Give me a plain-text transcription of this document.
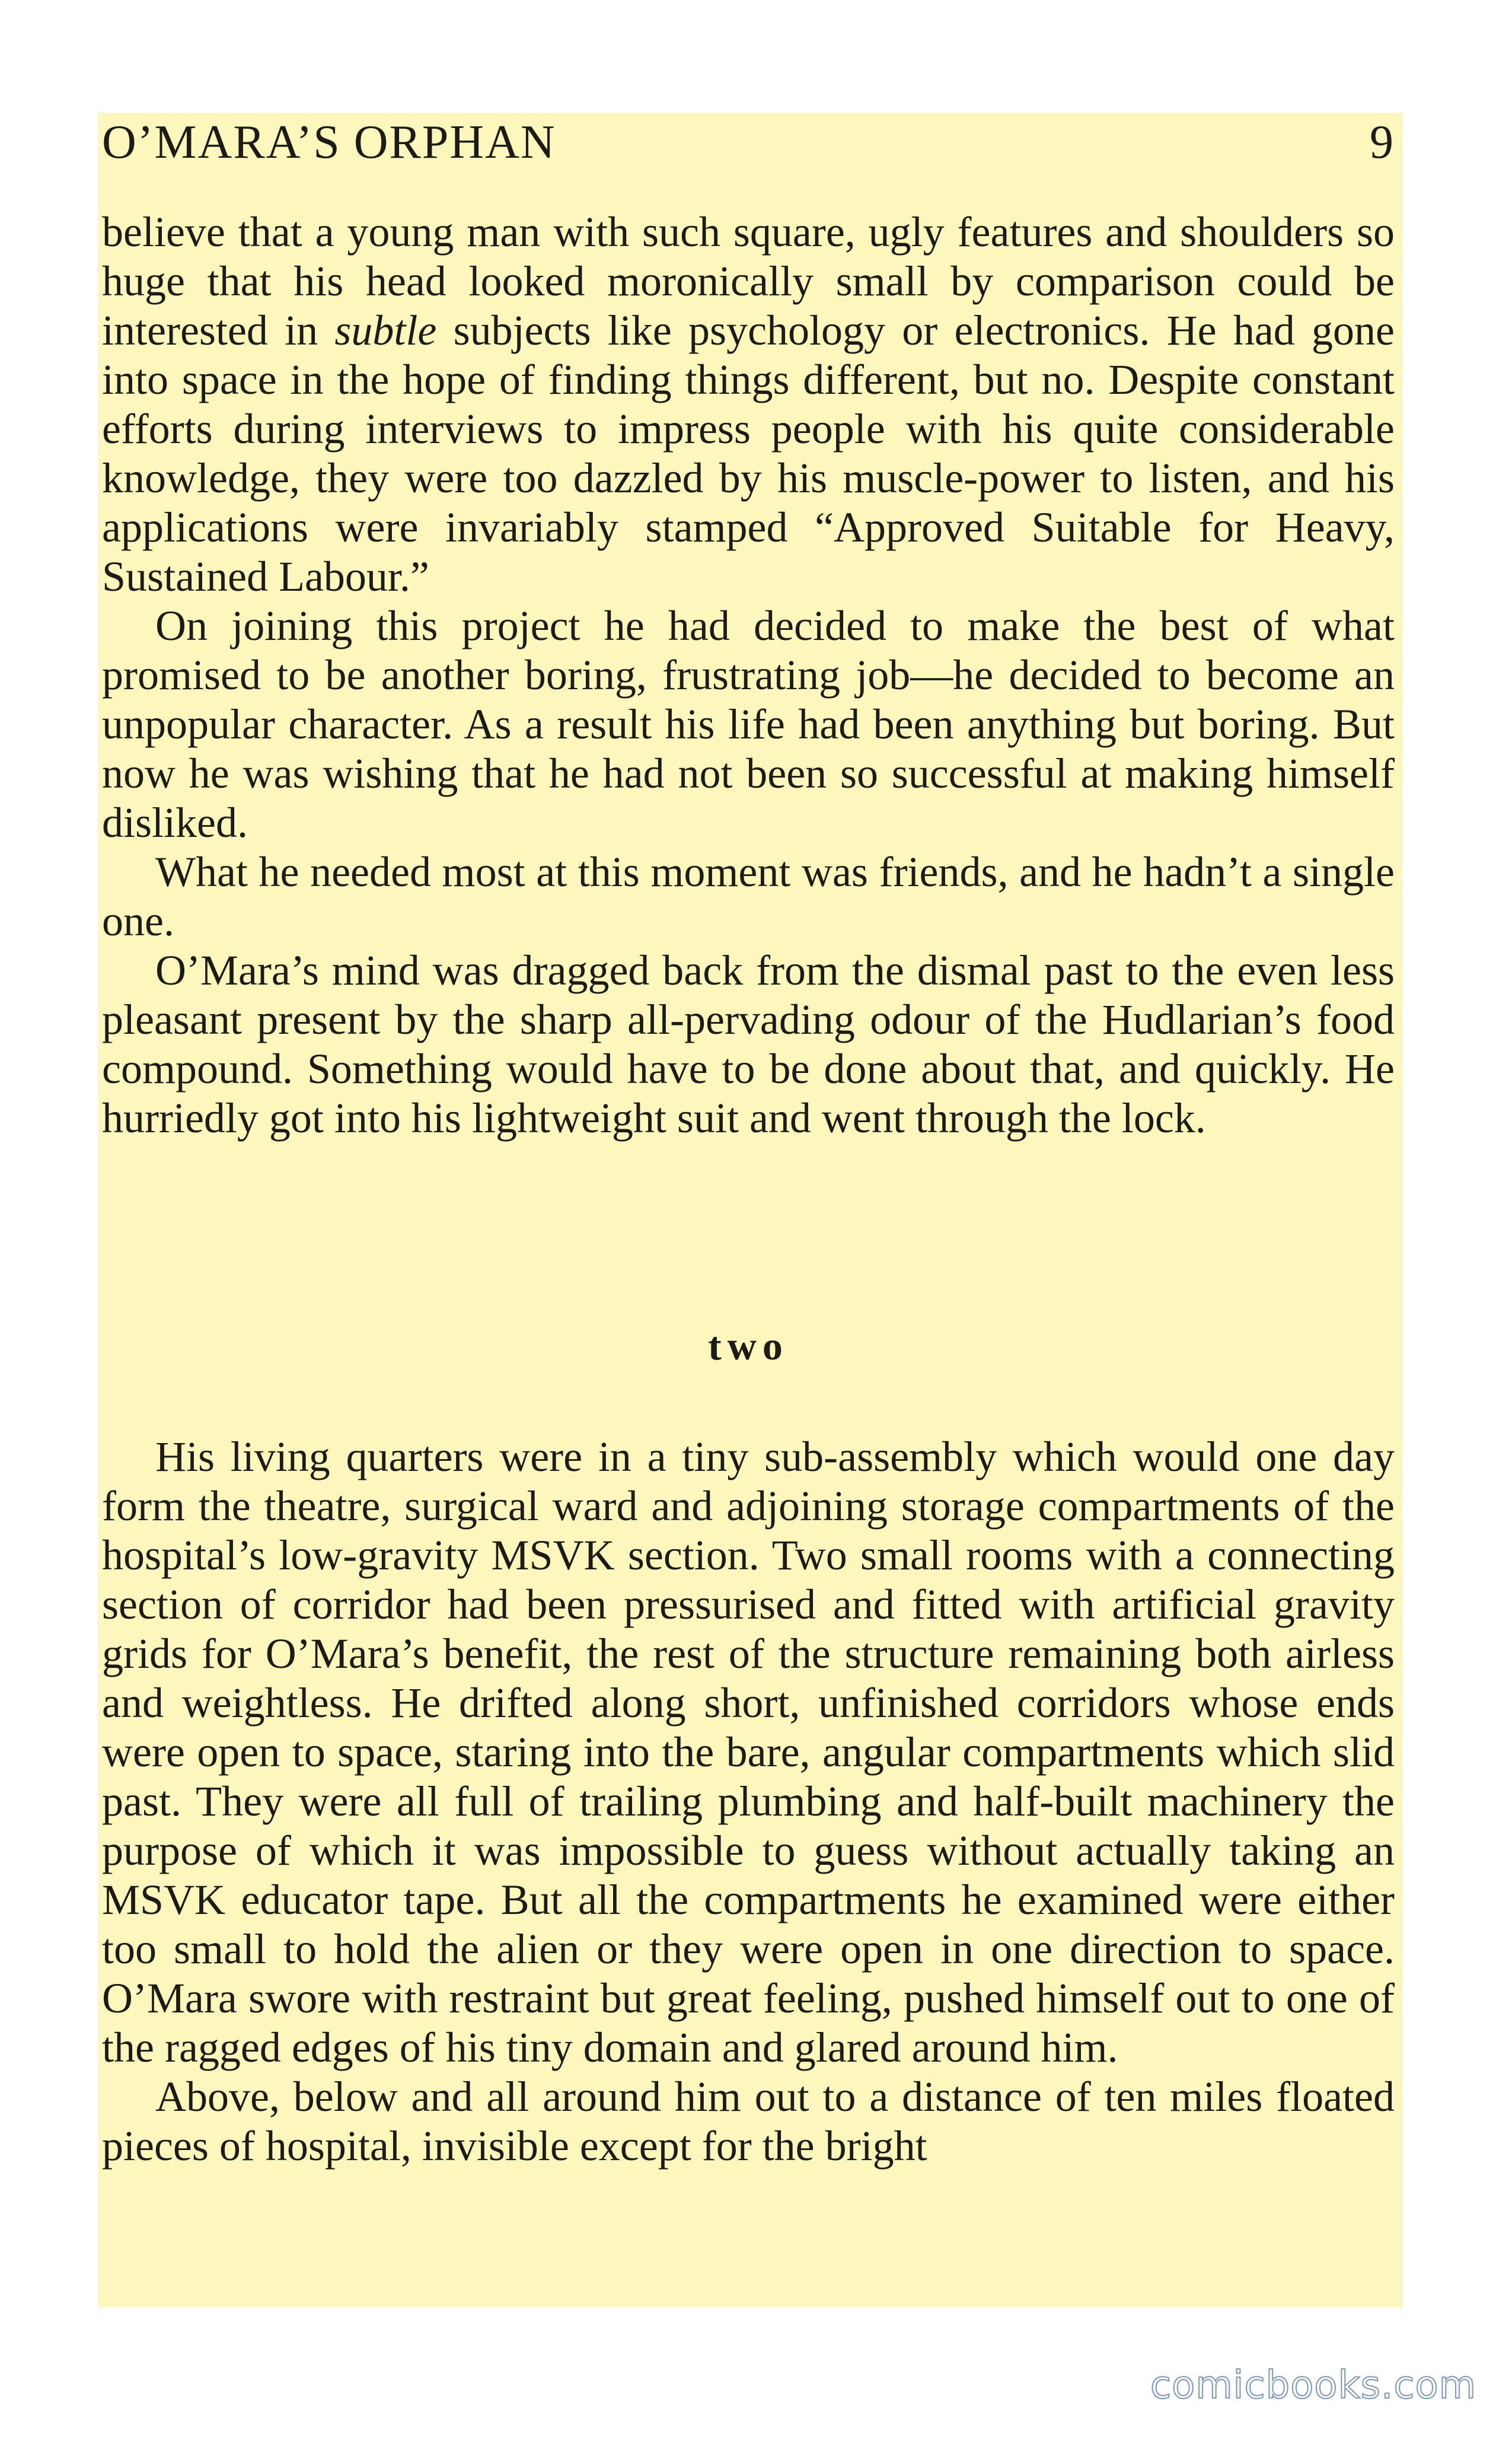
O’MARA’S ORPHAN	9

believe that a young man with such square, ugly features and shoulders so huge that his head looked moronically small by comparison could be interested in subtle subjects like psychology or electronics. He had gone into space in the hope of finding things different, but no. Despite constant efforts during interviews to impress people with his quite considerable knowledge, they were too dazzled by his muscle-power to listen, and his applications were invariably stamped “Approved Suitable for Heavy, Sustained Labour.”

On joining this project he had decided to make the best of what promised to be another boring, frustrating job—he decided to become an unpopular character. As a result his life had been anything but boring. But now he was wishing that he had not been so successful at making himself disliked.

What he needed most at this moment was friends, and he hadn’t a single one.

O’Mara’s mind was dragged back from the dismal past to the even less pleasant present by the sharp all-pervading odour of the Hudlarian’s food compound. Something would have to be done about that, and quickly. He hurriedly got into his lightweight suit and went through the lock.

two

His living quarters were in a tiny sub-assembly which would one day form the theatre, surgical ward and adjoining storage compartments of the hospital’s low-gravity MSVK section. Two small rooms with a connecting section of corridor had been pressurised and fitted with artificial gravity grids for O’Mara’s benefit, the rest of the structure remaining both airless and weightless. He drifted along short, unfinished corridors whose ends were open to space, staring into the bare, angular compartments which slid past. They were all full of trailing plumbing and half-built machinery the purpose of which it was impossible to guess without actually taking an MSVK educator tape. But all the compartments he examined were either too small to hold the alien or they were open in one direction to space. O’Mara swore with restraint but great feeling, pushed himself out to one of the ragged edges of his tiny domain and glared around him.

Above, below and all around him out to a distance of ten miles floated pieces of hospital, invisible except for the bright

comicbooks.com
